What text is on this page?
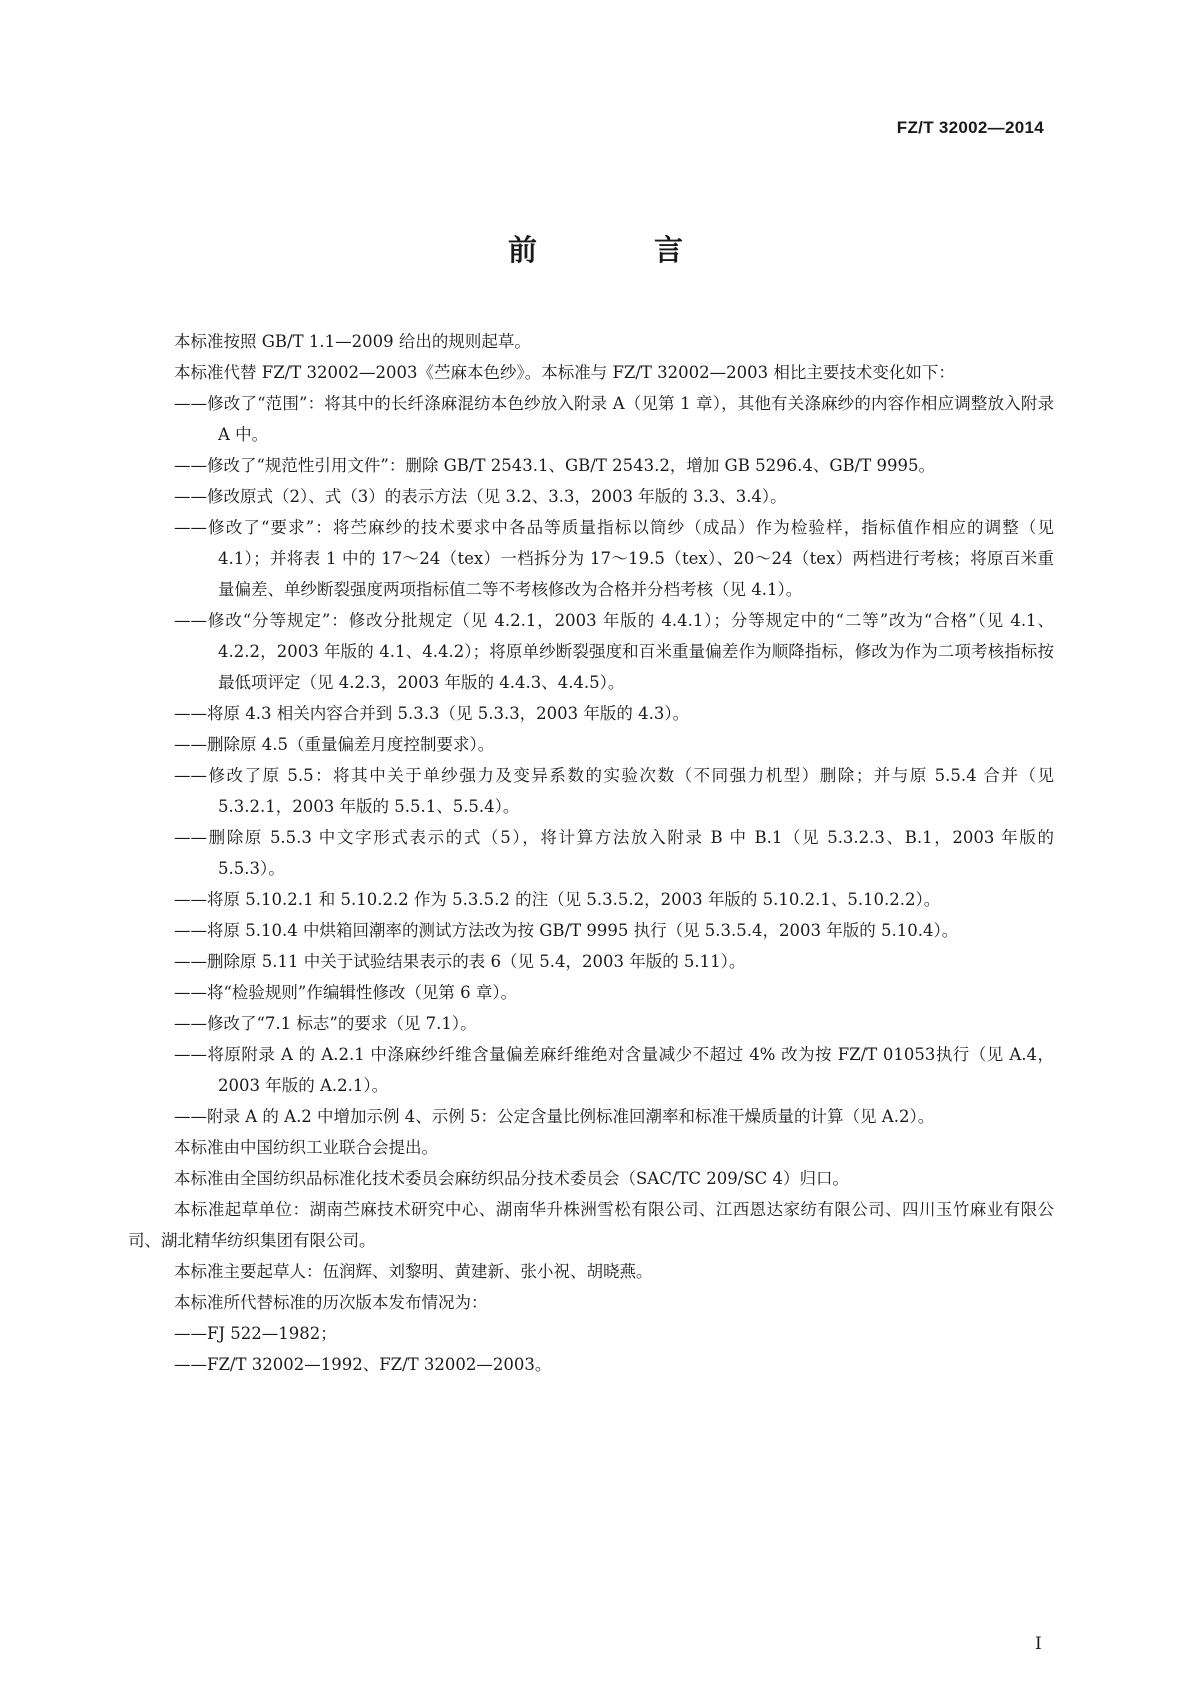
FZ/T 32002—2014
前　言

本标准按照 GB/T 1.1—2009 给出的规则起草。

本标准代替 FZ/T 32002—2003《苎麻本色纱》。本标准与 FZ/T 32002—2003 相比主要技术变化如下：

——修改了“范围”：将其中的长纤涤麻混纺本色纱放入附录 A（见第 1 章），其他有关涤麻纱的内容作相应调整放入附录 A 中。

——修改了“规范性引用文件”：删除 GB/T 2543.1、GB/T 2543.2，增加 GB 5296.4、GB/T 9995。

——修改原式（2）、式（3）的表示方法（见 3.2、3.3，2003 年版的 3.3、3.4）。

——修改了“要求”：将苎麻纱的技术要求中各品等质量指标以筒纱（成品）作为检验样，指标值作相应的调整（见 4.1）；并将表 1 中的 17～24（tex）一档拆分为 17～19.5（tex）、20～24（tex）两档进行考核；将原百米重量偏差、单纱断裂强度两项指标值二等不考核修改为合格并分档考核（见 4.1）。

——修改“分等规定”：修改分批规定（见 4.2.1，2003 年版的 4.4.1）；分等规定中的“二等”改为“合格”（见 4.1、4.2.2，2003 年版的 4.1、4.4.2）；将原单纱断裂强度和百米重量偏差作为顺降指标，修改为作为二项考核指标按最低项评定（见 4.2.3，2003 年版的 4.4.3、4.4.5）。

——将原 4.3 相关内容合并到 5.3.3（见 5.3.3，2003 年版的 4.3）。

——删除原 4.5（重量偏差月度控制要求）。

——修改了原 5.5：将其中关于单纱强力及变异系数的实验次数（不同强力机型）删除；并与原 5.5.4 合并（见 5.3.2.1，2003 年版的 5.5.1、5.5.4）。

——删除原 5.5.3 中文字形式表示的式（5），将计算方法放入附录 B 中 B.1（见 5.3.2.3、B.1，2003 年版的 5.5.3）。

——将原 5.10.2.1 和 5.10.2.2 作为 5.3.5.2 的注（见 5.3.5.2，2003 年版的 5.10.2.1、5.10.2.2）。

——将原 5.10.4 中烘箱回潮率的测试方法改为按 GB/T 9995 执行（见 5.3.5.4，2003 年版的 5.10.4）。

——删除原 5.11 中关于试验结果表示的表 6（见 5.4，2003 年版的 5.11）。

——将“检验规则”作编辑性修改（见第 6 章）。

——修改了“7.1 标志”的要求（见 7.1）。

——将原附录 A 的 A.2.1 中涤麻纱纤维含量偏差麻纤维绝对含量减少不超过 4% 改为按 FZ/T 01053执行（见 A.4，2003 年版的 A.2.1）。

——附录 A 的 A.2 中增加示例 4、示例 5：公定含量比例标准回潮率和标准干燥质量的计算（见 A.2）。

本标准由中国纺织工业联合会提出。

本标准由全国纺织品标准化技术委员会麻纺织品分技术委员会（SAC/TC 209/SC 4）归口。

本标准起草单位：湖南苎麻技术研究中心、湖南华升株洲雪松有限公司、江西恩达家纺有限公司、四川玉竹麻业有限公司、湖北精华纺织集团有限公司。

本标准主要起草人：伍润辉、刘黎明、黄建新、张小祝、胡晓燕。

本标准所代替标准的历次版本发布情况为：

——FJ 522—1982；

——FZ/T 32002—1992、FZ/T 32002—2003。

I
